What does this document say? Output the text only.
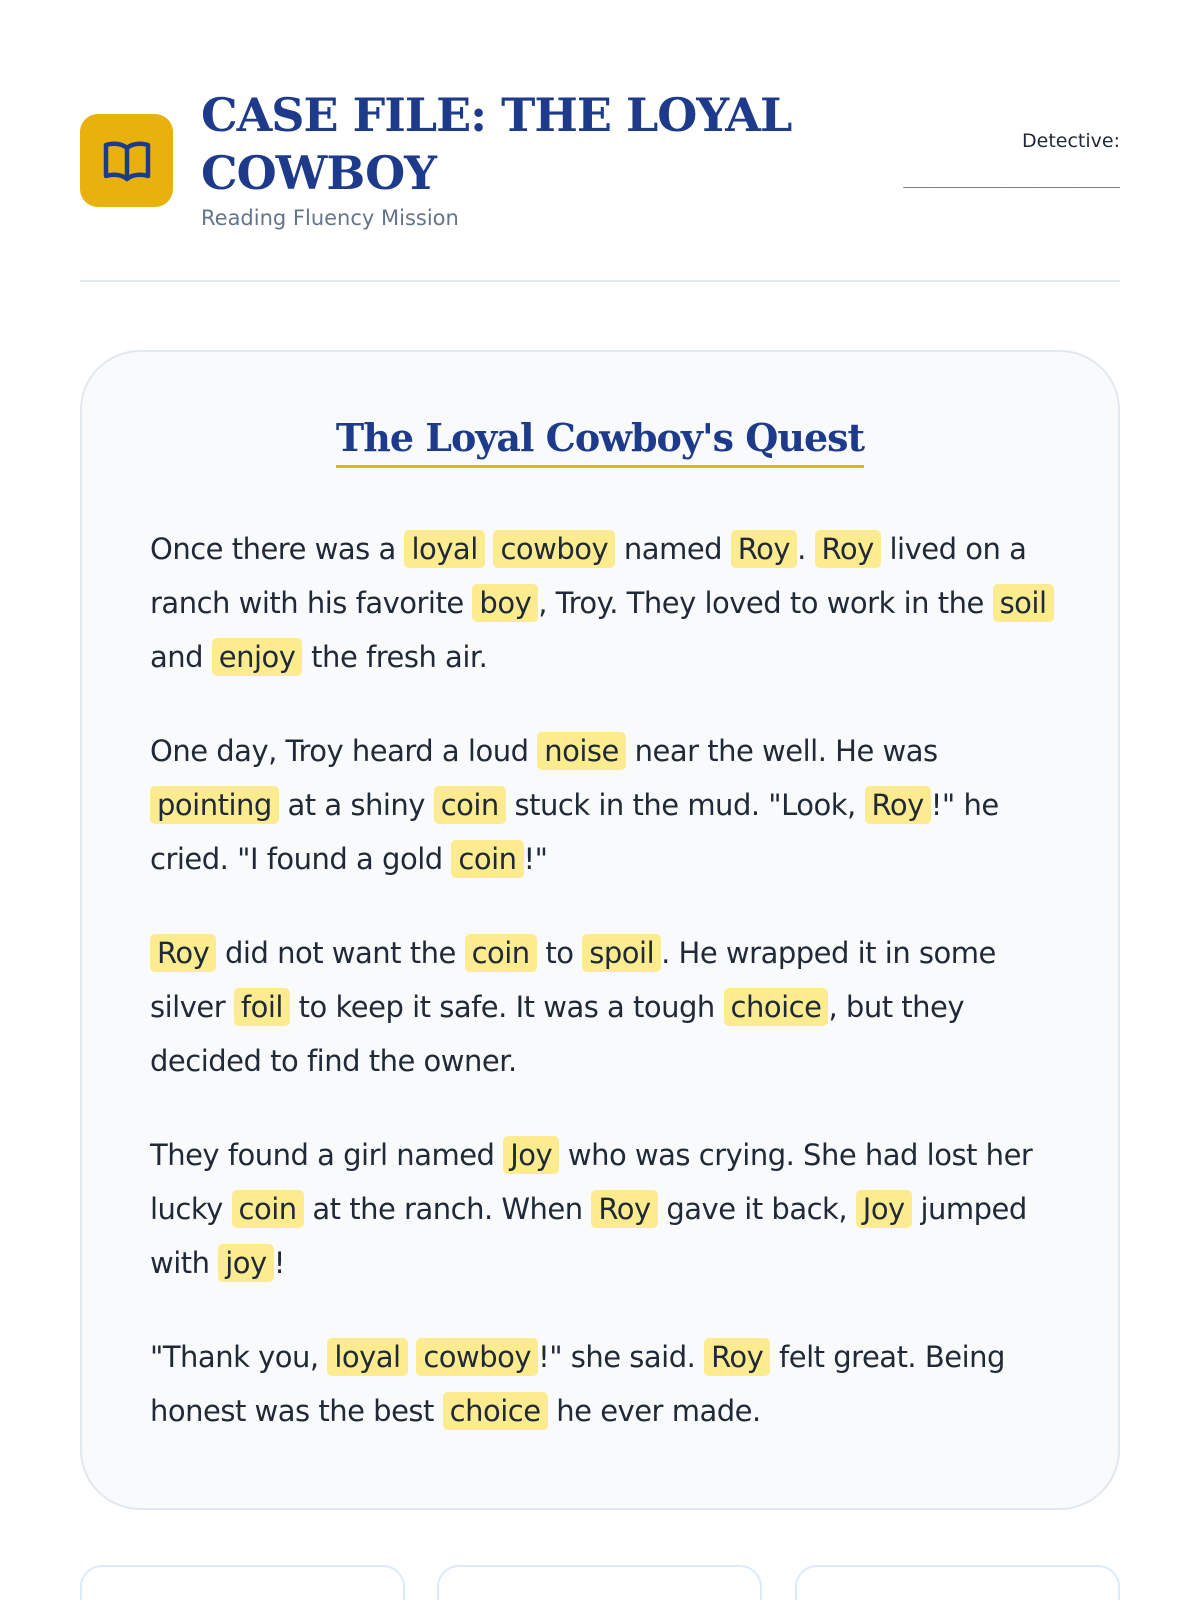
CASE FILE: THE LOYAL
COWBOY
Reading Fluency Mission
Detective:
________________________
The Loyal Cowboy's Quest

Once there was a loyal cowboy named Roy . Roy lived on a ranch with his favorite boy , Troy. They loved to work in the soil and enjoy the fresh air.

One day, Troy heard a loud noise near the well. He was pointing at a shiny coin stuck in the mud. "Look, Roy !" he cried. "I found a gold coin !"

Roy did not want the coin to spoil . He wrapped it in some silver foil to keep it safe. It was a tough choice , but they decided to find the owner.

They found a girl named Joy who was crying. She had lost her lucky coin at the ranch. When Roy gave it back, Joy jumped with joy !

"Thank you, loyal cowboy !" she said. Roy felt great. Being honest was the best choice he ever made.
